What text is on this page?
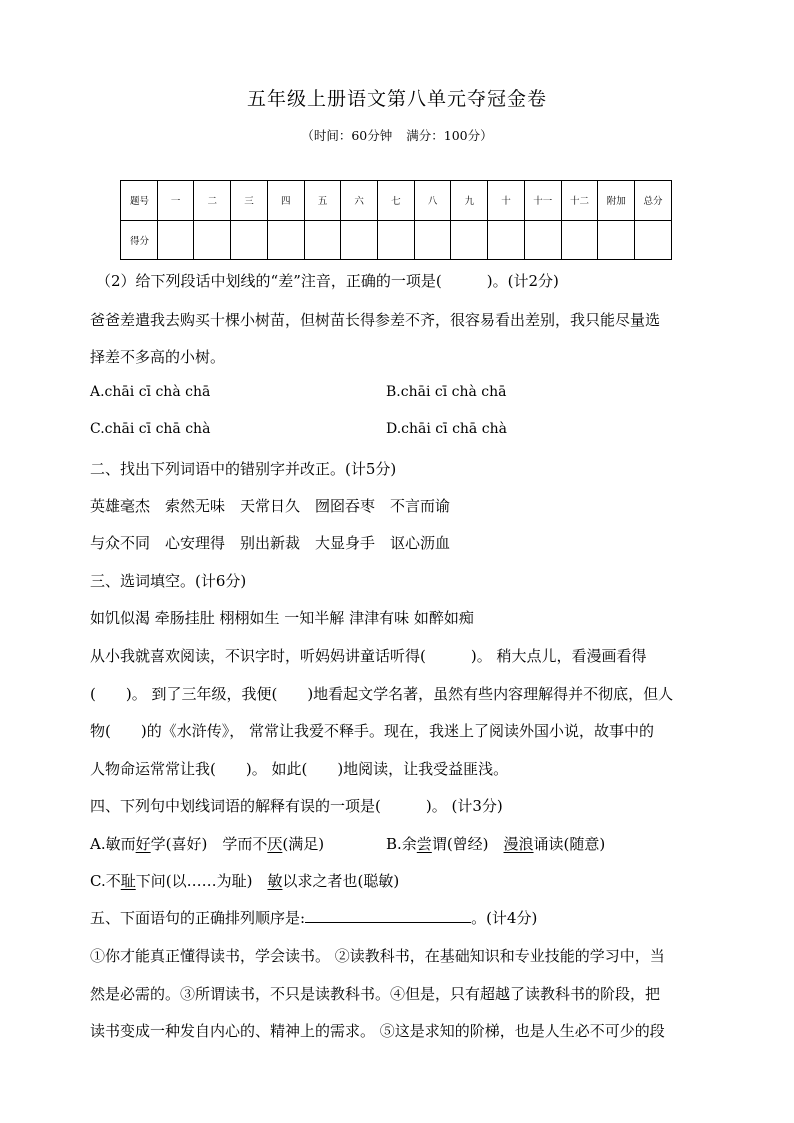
五年级上册语文第八单元夺冠金卷
（时间：60分钟 满分：100分）
题号	一	二	三	四	五	六	七	八	九	十	十一	十二	附加	总分
得分														
（2）给下列段话中划线的“差”注音，正确的一项是(　　　)。(计2分)
爸爸差遣我去购买十棵小树苗，但树苗长得参差不齐，很容易看出差别，我只能尽量选
择差不多高的小树。
A.chāi cī chà chā	B.chāi cī chà chā
C.chāi cī chā chà	D.chāi cī chā chà
二、找出下列词语中的错别字并改正。(计5分)
英雄毫杰　索然无味　天常日久　囫囵吞枣　不言而谕
与众不同　心安理得　别出新裁　大显身手　讴心沥血
三、选词填空。(计6分)
如饥似渴 牵肠挂肚 栩栩如生 一知半解 津津有味 如醉如痴
从小我就喜欢阅读，不识字时，听妈妈讲童话听得(　　　)。 稍大点儿，看漫画看得
(　　)。 到了三年级，我便(　　)地看起文学名著，虽然有些内容理解得并不彻底，但人
物(　　)的《水浒传》， 常常让我爱不释手。现在，我迷上了阅读外国小说，故事中的
人物命运常常让我(　　)。 如此(　　)地阅读，让我受益匪浅。
四、下列句中划线词语的解释有误的一项是(　　　)。 (计3分)
A.敏而好学(喜好)　学而不厌(满足)	B.余尝谓(曾经)　漫浪诵读(随意)
C.不耻下问(以……为耻)　敏以求之者也(聪敏)
五、下面语句的正确排列顺序是:	。(计4分)
①你才能真正懂得读书，学会读书。 ②读教科书，在基础知识和专业技能的学习中，当
然是必需的。③所谓读书，不只是读教科书。④但是，只有超越了读教科书的阶段，把
读书变成一种发自内心的、精神上的需求。 ⑤这是求知的阶梯，也是人生必不可少的段
